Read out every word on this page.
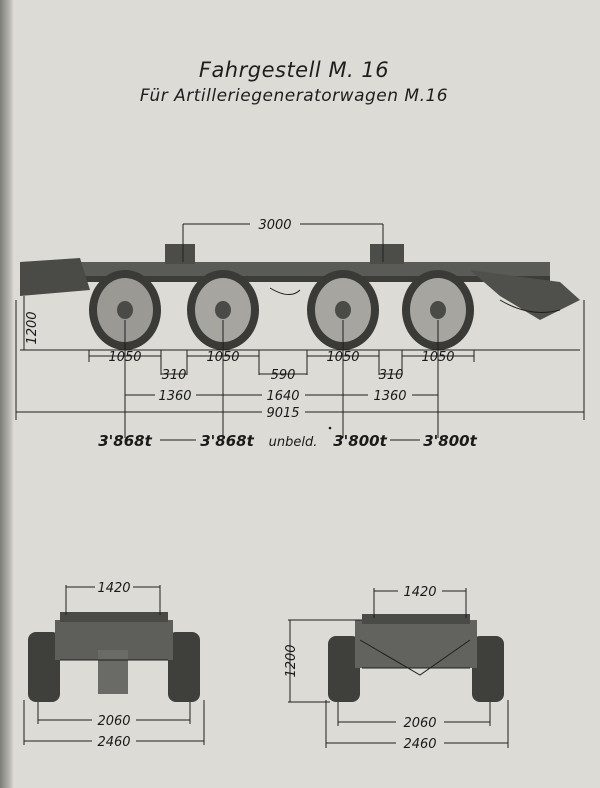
Fahrgestell M. 16
Für Artilleriegeneratorwagen M.16
3000
1200
1050	1050	1050	1050
310	590	310
1360	1640	1360
9015
3'868t	3'868t unbeld. 3'800t 3'800t
1420
2060
2460
1420
1200
2060
2460
